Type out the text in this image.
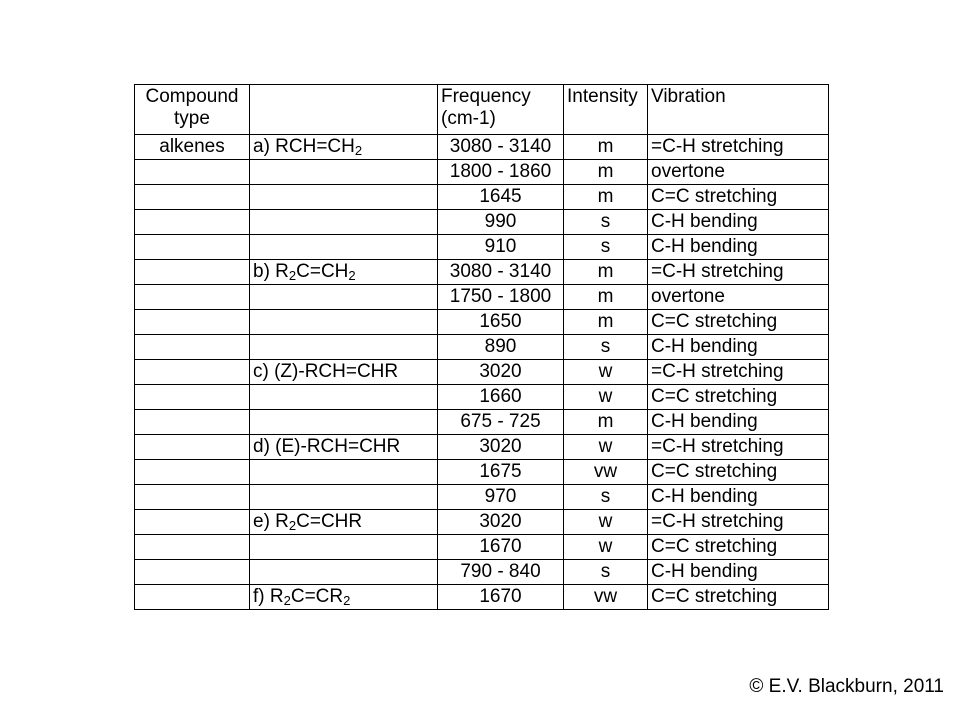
Compound type		Frequency (cm-1)	Intensity	Vibration
alkenes	a) $RCH=CH_2$	3080 - 3140	m	=C-H stretching
		1800 - 1860	m	overtone
		1645	m	C=C stretching
		990	s	C-H bending
		910	s	C-H bending
	b) $R_2C=CH_2$	3080 - 3140	m	=C-H stretching
		1750 - 1800	m	overtone
		1650	m	C=C stretching
		890	s	C-H bending
	c) (Z)-RCH=CHR	3020	w	=C-H stretching
		1660	w	C=C stretching
		675 - 725	m	C-H bending
	d) (E)-RCH=CHR	3020	w	=C-H stretching
		1675	vw	C=C stretching
		970	s	C-H bending
	e) $R_2C=CHR$	3020	w	=C-H stretching
		1670	w	C=C stretching
		790 - 840	s	C-H bending
	f) $R_2C=CR_2$	1670	vw	C=C stretching
© E.V. Blackburn, 2011
